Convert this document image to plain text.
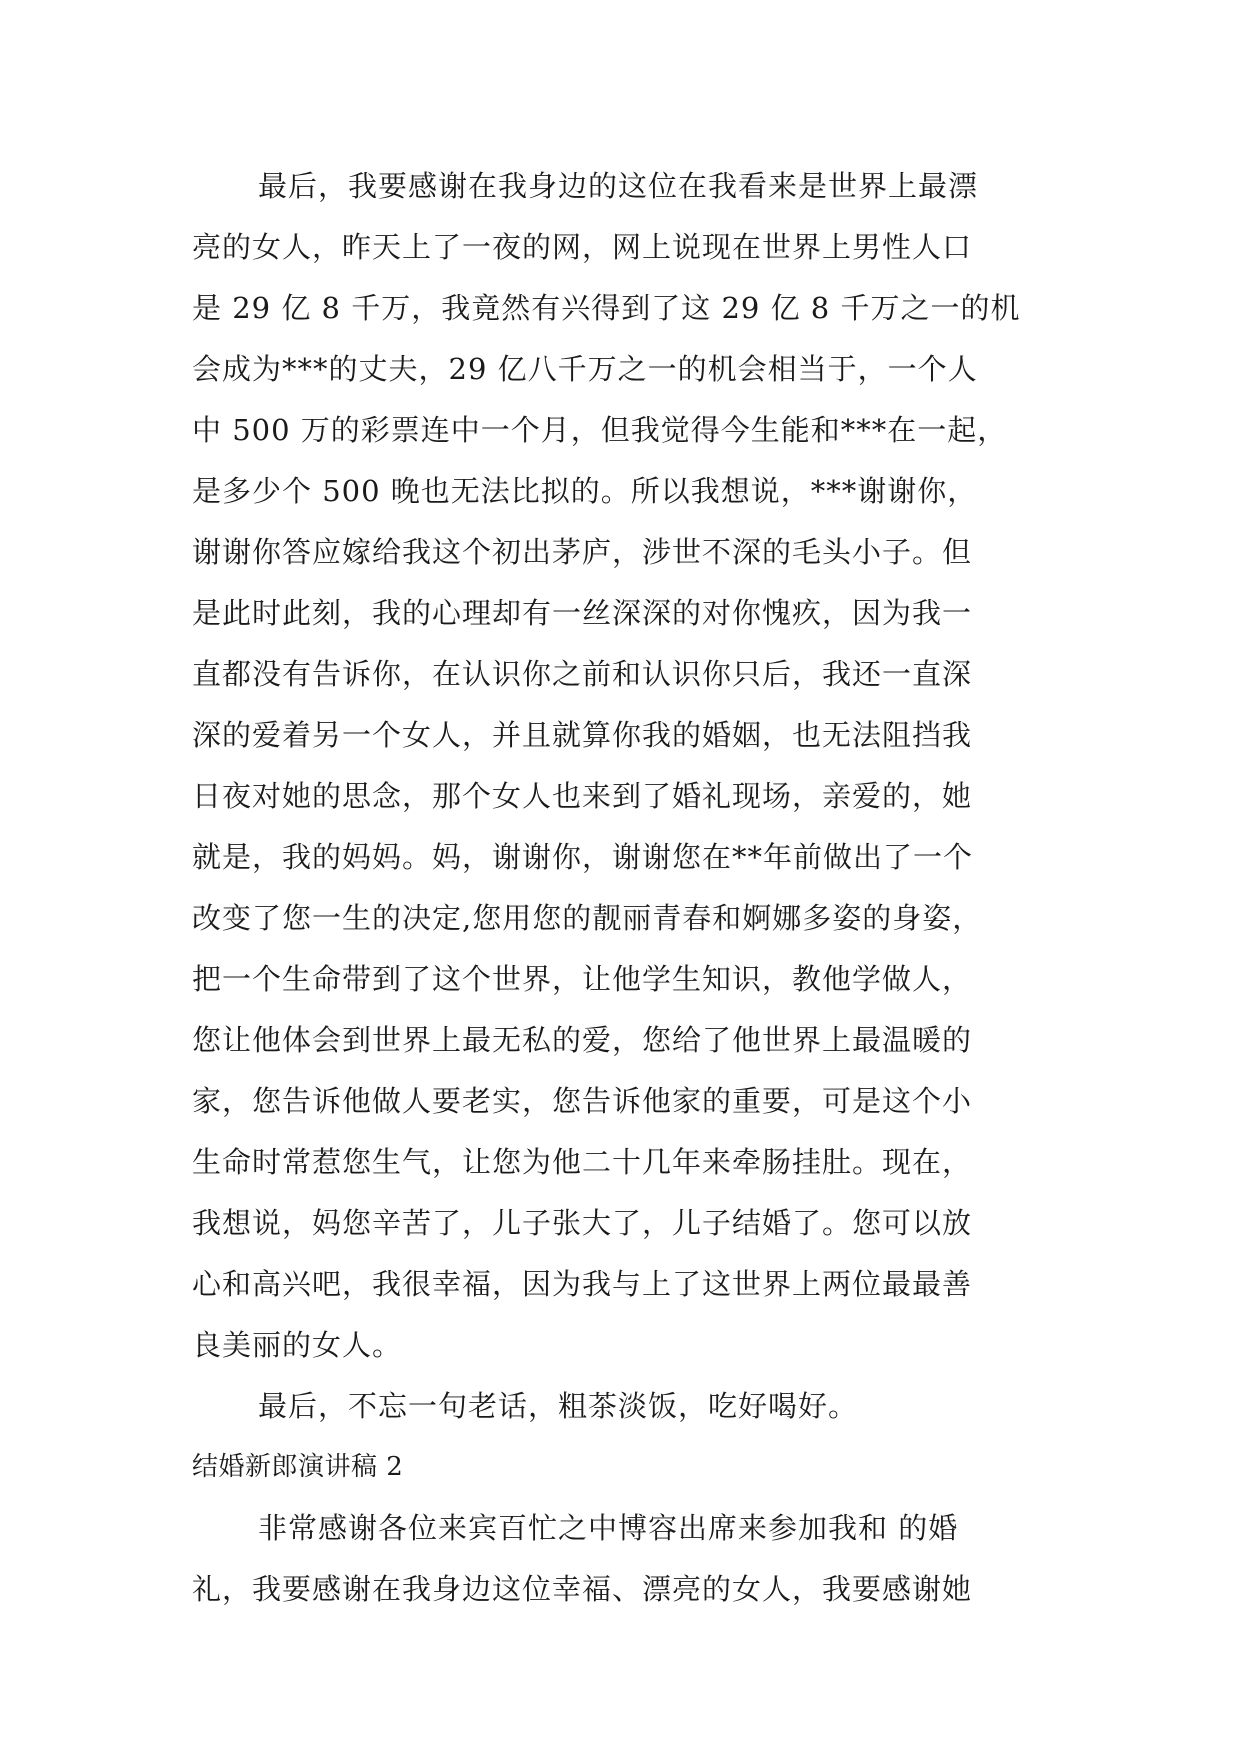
最后，我要感谢在我身边的这位在我看来是世界上最漂
亮的女人，昨天上了一夜的网，网上说现在世界上男性人口
是 29 亿 8 千万，我竟然有兴得到了这 29 亿 8 千万之一的机
会成为***的丈夫，29 亿八千万之一的机会相当于，一个人
中 500 万的彩票连中一个月，但我觉得今生能和***在一起，
是多少个 500 晚也无法比拟的。所以我想说，***谢谢你，
谢谢你答应嫁给我这个初出茅庐，涉世不深的毛头小子。但
是此时此刻，我的心理却有一丝深深的对你愧疚，因为我一
直都没有告诉你，在认识你之前和认识你只后，我还一直深
深的爱着另一个女人，并且就算你我的婚姻，也无法阻挡我
日夜对她的思念，那个女人也来到了婚礼现场，亲爱的，她
就是，我的妈妈。妈，谢谢你，谢谢您在**年前做出了一个
改变了您一生的决定,您用您的靓丽青春和婀娜多姿的身姿，
把一个生命带到了这个世界，让他学生知识，教他学做人，
您让他体会到世界上最无私的爱，您给了他世界上最温暖的
家，您告诉他做人要老实，您告诉他家的重要，可是这个小
生命时常惹您生气，让您为他二十几年来牵肠挂肚。现在，
我想说，妈您辛苦了，儿子张大了，儿子结婚了。您可以放
心和高兴吧，我很幸福，因为我与上了这世界上两位最最善
良美丽的女人。
最后，不忘一句老话，粗茶淡饭，吃好喝好。
结婚新郎演讲稿 2
非常感谢各位来宾百忙之中博容出席来参加我和 的婚
礼，我要感谢在我身边这位幸福、漂亮的女人，我要感谢她
